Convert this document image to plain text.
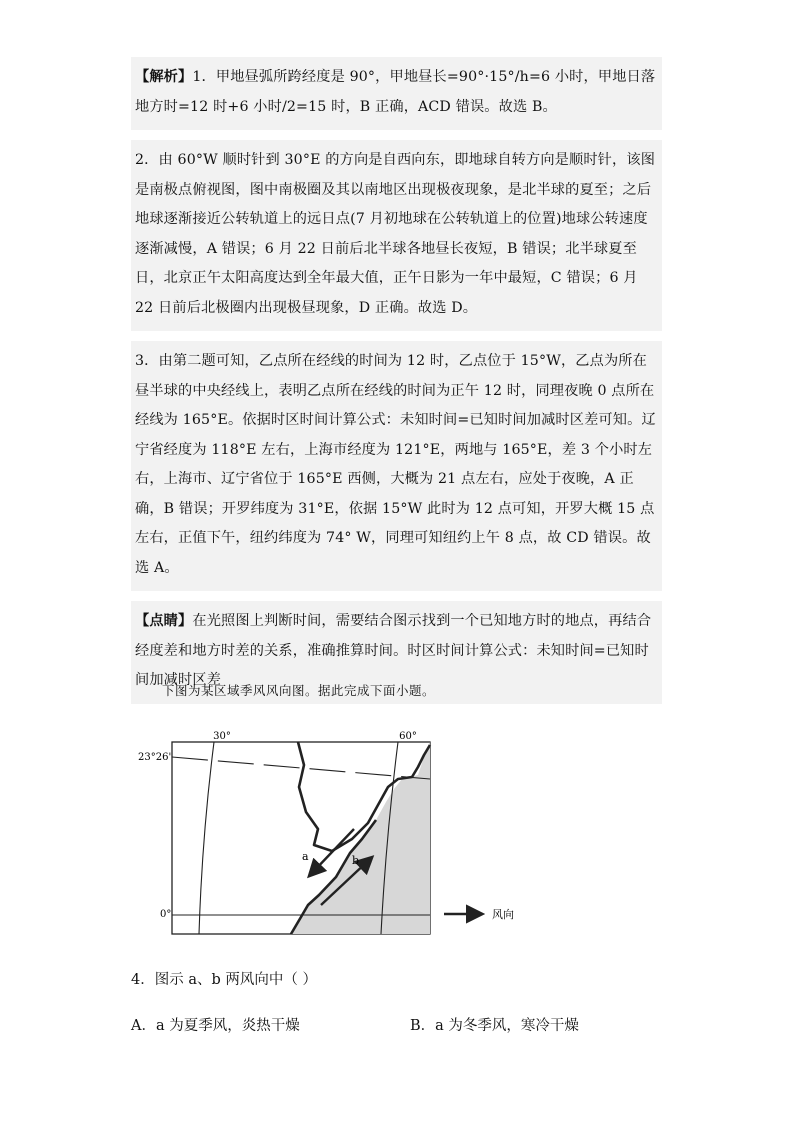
【解析】1．甲地昼弧所跨经度是 90°，甲地昼长=90°·15°/h=6 小时，甲地日落地方时=12 时+6 小时/2=15 时，B 正确，ACD 错误。故选 B。
2．由 60°W 顺时针到 30°E 的方向是自西向东，即地球自转方向是顺时针，该图是南极点俯视图，图中南极圈及其以南地区出现极夜现象，是北半球的夏至；之后地球逐渐接近公转轨道上的远日点(7 月初地球在公转轨道上的位置)地球公转速度逐渐减慢，A 错误；6 月 22 日前后北半球各地昼长夜短，B 错误；北半球夏至日，北京正午太阳高度达到全年最大值，正午日影为一年中最短，C 错误；6 月 22 日前后北极圈内出现极昼现象，D 正确。故选 D。
3．由第二题可知，乙点所在经线的时间为 12 时，乙点位于 15°W，乙点为所在昼半球的中央经线上，表明乙点所在经线的时间为正午 12 时，同理夜晚 0 点所在经线为 165°E。依据时区时间计算公式：未知时间=已知时间加减时区差可知。辽宁省经度为 118°E 左右，上海市经度为 121°E，两地与 165°E，差 3 个小时左右，上海市、辽宁省位于 165°E 西侧，大概为 21 点左右，应处于夜晚，A 正确，B 错误；开罗纬度为 31°E，依据 15°W 此时为 12 点可知，开罗大概 15 点左右，正值下午，纽约纬度为 74° W，同理可知纽约上午 8 点，故 CD 错误。故选 A。
【点睛】在光照图上判断时间，需要结合图示找到一个已知地方时的地点，再结合经度差和地方时差的关系，准确推算时间。时区时间计算公式：未知时间=已知时间加减时区差
下图为某区域季风风向图。据此完成下面小题。
30°	60°
23°26'
0°
a	b
风向
4．图示 a、b 两风向中（ ）
A．a 为夏季风，炎热干燥	B．a 为冬季风，寒冷干燥
